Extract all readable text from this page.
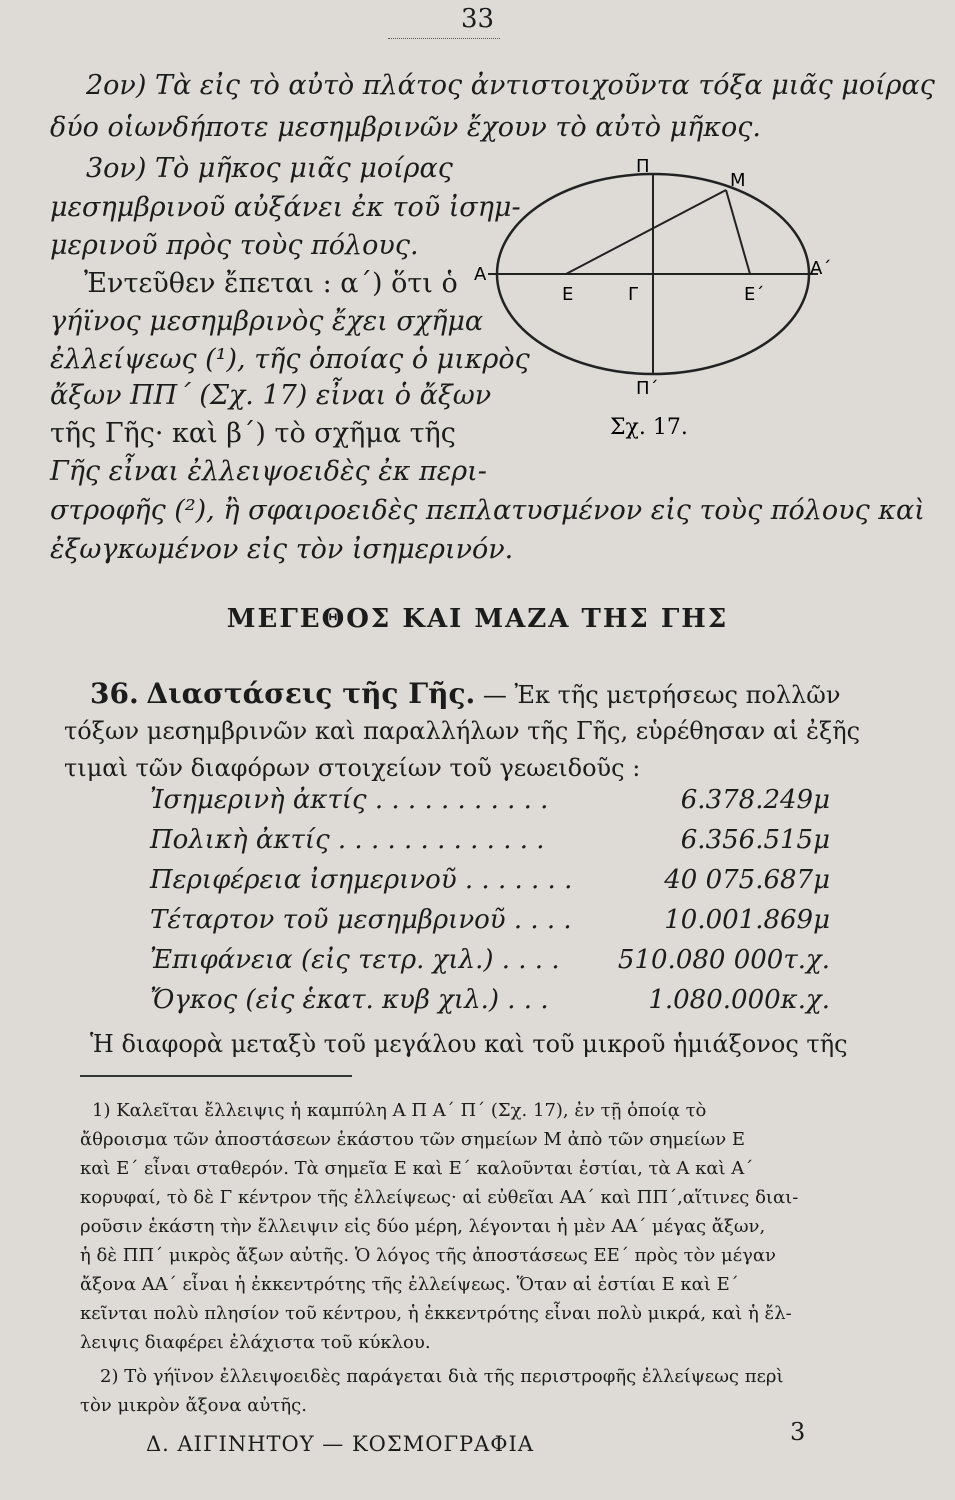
33

2ον) Τὰ εἰς τὸ αὐτὸ πλάτος ἀντιστοιχοῦντα τόξα μιᾶς μοίρας

δύο οἱωνδήποτε μεσημβρινῶν ἔχουν τὸ αὐτὸ μῆκος.

3ον) Τὸ μῆκος μιᾶς μοίρας

μεσημβρινοῦ αὐξάνει ἐκ τοῦ ἰσημ-

μερινοῦ πρὸς τοὺς πόλους.

Ἐντεῦθεν ἔπεται : α΄) ὅτι ὁ

γήϊνος μεσημβρινὸς ἔχει σχῆμα

ἐλλείψεως (¹), τῆς ὁποίας ὁ μικρὸς

ἄξων ΠΠ΄ (Σχ. 17) εἶναι ὁ ἄξων

τῆς Γῆς· καὶ β΄) τὸ σχῆμα τῆς

Γῆς εἶναι ἐλλειψοειδὲς ἐκ περι-

στροφῆς (²), ἢ σφαιροειδὲς πεπλατυσμένον εἰς τοὺς πόλους καὶ

ἐξωγκωμένον εἰς τὸν ἰσημερινόν.

Π
Μ
Α	Α΄
Ε	Γ	Ε΄
Π΄
Σχ. 17.
ΜΕΓΕΘΟΣ ΚΑΙ ΜΑΖΑ ΤΗΣ ΓΗΣ
36. Διαστάσεις τῆς Γῆς. — Ἐκ τῆς μετρήσεως πολλῶν
τόξων μεσημβρινῶν καὶ παραλλήλων τῆς Γῆς, εὑρέθησαν αἱ ἐξῆς
τιμαὶ τῶν διαφόρων στοιχείων τοῦ γεωειδοῦς :
Ἰσημερινὴ ἀκτίς . . . . . . . . . . .	6.378.249μ
Πολικὴ ἀκτίς . . . . . . . . . . . . .	6.356.515μ
Περιφέρεια ἰσημερινοῦ . . . . . . .	40 075.687μ
Τέταρτον τοῦ μεσημβρινοῦ . . . .	10.001.869μ
Ἐπιφάνεια (εἰς τετρ. χιλ.) . . . .	510.080 000τ.χ.
Ὄγκος (εἰς ἑκατ. κυβ χιλ.) . . .	1.080.000κ.χ.
Ἡ διαφορὰ μεταξὺ τοῦ μεγάλου καὶ τοῦ μικροῦ ἡμιάξονος τῆς
1) Καλεῖται ἔλλειψις ἡ καμπύλη Α Π Α΄ Π΄ (Σχ. 17), ἐν τῇ ὁποίᾳ τὸ
ἄθροισμα τῶν ἀποστάσεων ἑκάστου τῶν σημείων Μ ἀπὸ τῶν σημείων Ε
καὶ Ε΄ εἶναι σταθερόν. Τὰ σημεῖα Ε καὶ Ε΄ καλοῦνται ἑστίαι, τὰ Α καὶ Α΄
κορυφαί, τὸ δὲ Γ κέντρον τῆς ἐλλείψεως· αἱ εὐθεῖαι ΑΑ΄ καὶ ΠΠ΄,αἵτινες διαι-
ροῦσιν ἑκάστη τὴν ἔλλειψιν εἰς δύο μέρη, λέγονται ἡ μὲν ΑΑ΄ μέγας ἄξων,
ἡ δὲ ΠΠ΄ μικρὸς ἄξων αὐτῆς. Ὁ λόγος τῆς ἀποστάσεως ΕΕ΄ πρὸς τὸν μέγαν
ἄξονα ΑΑ΄ εἶναι ἡ ἐκκεντρότης τῆς ἐλλείψεως. Ὅταν αἱ ἑστίαι Ε καὶ Ε΄
κεῖνται πολὺ πλησίον τοῦ κέντρου, ἡ ἐκκεντρότης εἶναι πολὺ μικρά, καὶ ἡ ἔλ-
λειψις διαφέρει ἐλάχιστα τοῦ κύκλου.
2) Τὸ γήϊνον ἐλλειψοειδὲς παράγεται διὰ τῆς περιστροφῆς ἐλλείψεως περὶ
τὸν μικρὸν ἄξονα αὐτῆς.
Δ. ΑΙΓΙΝΗΤΟΥ — ΚΟΣΜΟΓΡΑΦΙΑ	3
